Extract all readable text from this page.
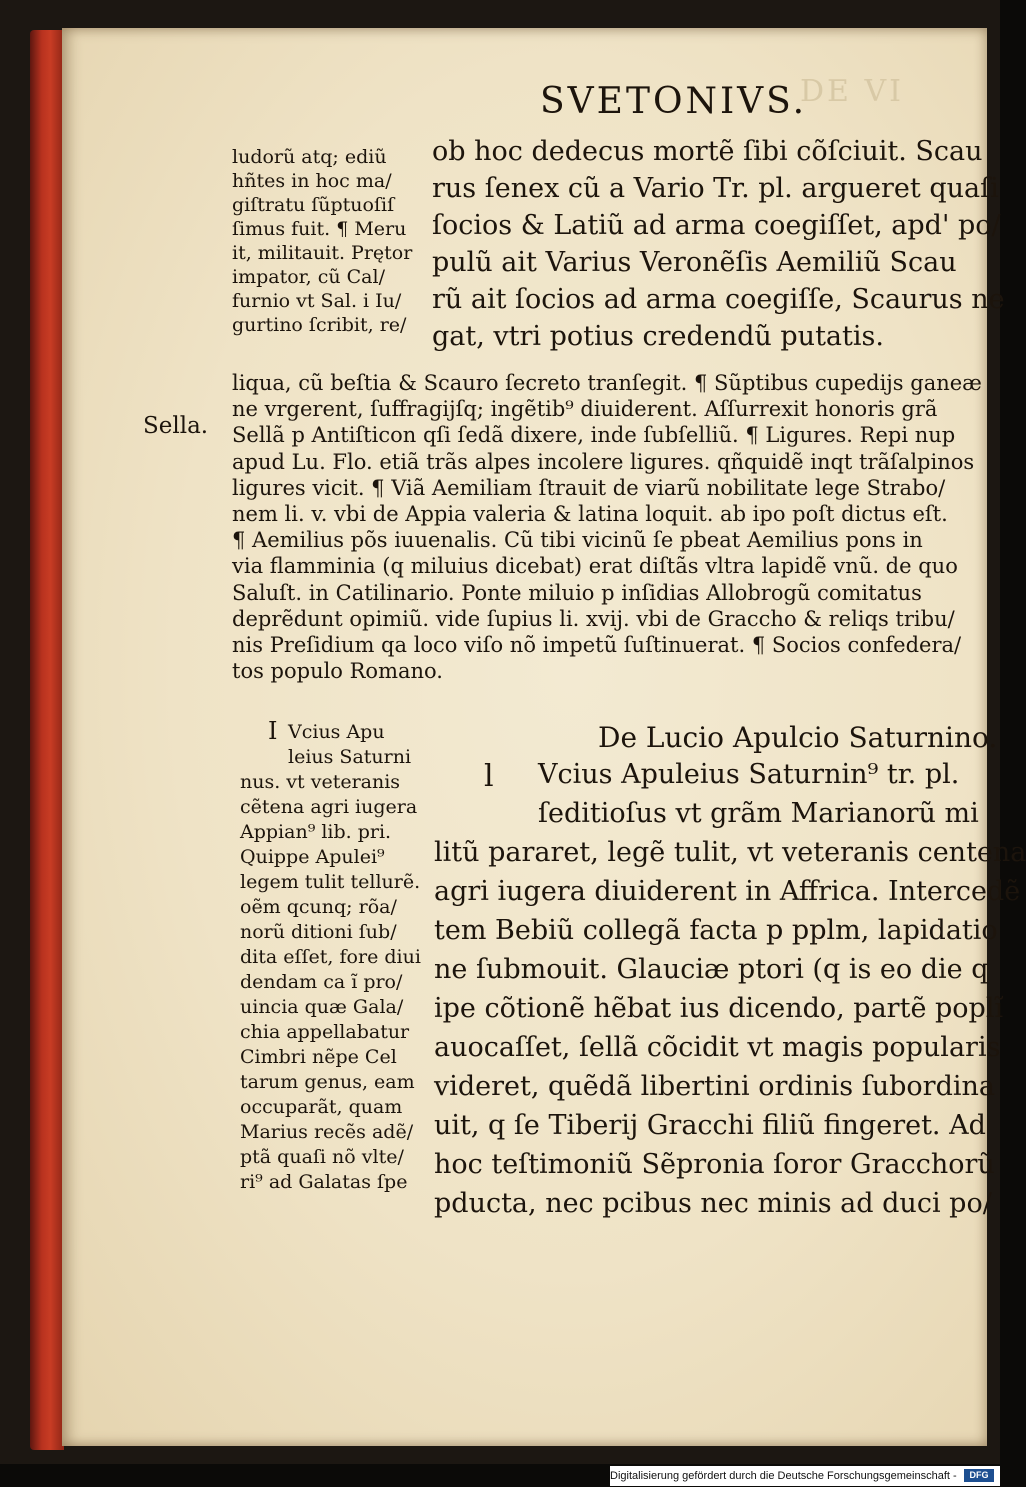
DE VI
SVETONIVS.
ludorũ atq; ediũ
hñtes in hoc ma/
giſtratu ſũptuoſiſ
ſimus fuit. ¶ Meru
it, militauit. Prętor
impator, cũ Cal/
furnio vt Sal. i Iu/
gurtino ſcribit, re/
ob hoc dedecus mortẽ ſibi cõſciuit. Scau
rus ſenex cũ a Vario Tr. pl. argueret quaſi
ſocios & Latiũ ad arma coegiſſet, apd' po/
pulũ ait Varius Veronẽſis Aemiliũ Scau
rũ ait ſocios ad arma coegiſſe, Scaurus ne
gat, vtri potius credendũ putatis.
liqua, cũ beſtia & Scauro ſecreto tranſegit. ¶ Sũptibus cupedijs ganeæ
ne vrgerent, ſuffragijſq; ingẽtib⁹ diuiderent. Aſſurrexit honoris grã
Sellã p Antiſticon qſi ſedã dixere, inde ſubſelliũ. ¶ Ligures. Repi nup
apud Lu. Flo. etiã trãs alpes incolere ligures. qñquidẽ inqt trãſalpinos
ligures vicit. ¶ Viã Aemiliam ſtrauit de viarũ nobilitate lege Strabo/
nem li. v. vbi de Appia valeria & latina loquit. ab ipo poſt dictus eſt.
¶ Aemilius põs iuuenalis. Cũ tibi vicinũ ſe pbeat Aemilius pons in
via flamminia (q miluius dicebat) erat diſtãs vltra lapidẽ vnũ. de quo
Saluſt. in Catilinario. Ponte miluio p inſidias Allobrogũ comitatus
deprẽdunt opimiũ. vide ſupius li. xvij. vbi de Graccho & reliqs tribu/
nis Preſidium qa loco viſo nõ impetũ ſuſtinuerat. ¶ Socios confedera/
tos populo Romano.
Sella.
De Lucio Apulcio Saturnino.
I
l
Vcius Apu
leius Saturni
nus. vt veteranis
cẽtena agri iugera
Appian⁹ lib. pri.
Quippe Apulei⁹
legem tulit tellurẽ.
oẽm qcunq; rõa/
norũ ditioni ſub/
dita eſſet, fore diui
dendam ca ĩ pro/
uincia quæ Gala/
chia appellabatur
Cimbri nẽpe Cel
tarum genus, eam
occuparãt, quam
Marius recẽs adẽ/
ptã quaſi nõ vlte/
ri⁹ ad Galatas ſpe
Vcius Apuleius Saturnin⁹ tr. pl.
ſeditioſus vt grãm Marianorũ mi
litũ pararet, legẽ tulit, vt veteranis centena
agri iugera diuiderent in Affrica. Intercedẽ
tem Bebiũ collegã facta p pplm, lapidatio
ne ſubmouit. Glauciæ ptori (q is eo die q
ipe cõtionẽ hẽbat ius dicendo, partẽ poplĩ
auocaſſet, ſellã cõcidit vt magis popularis
videret, quẽdã libertini ordinis ſubordina
uit, q ſe Tiberij Gracchi filiũ fingeret. Ad
hoc teſtimoniũ Sẽpronia ſoror Gracchorũ
pducta, nec pcibus nec minis ad duci po/
Digitalisierung gefördert durch die Deutsche Forschungsgemeinschaft -	DFG
